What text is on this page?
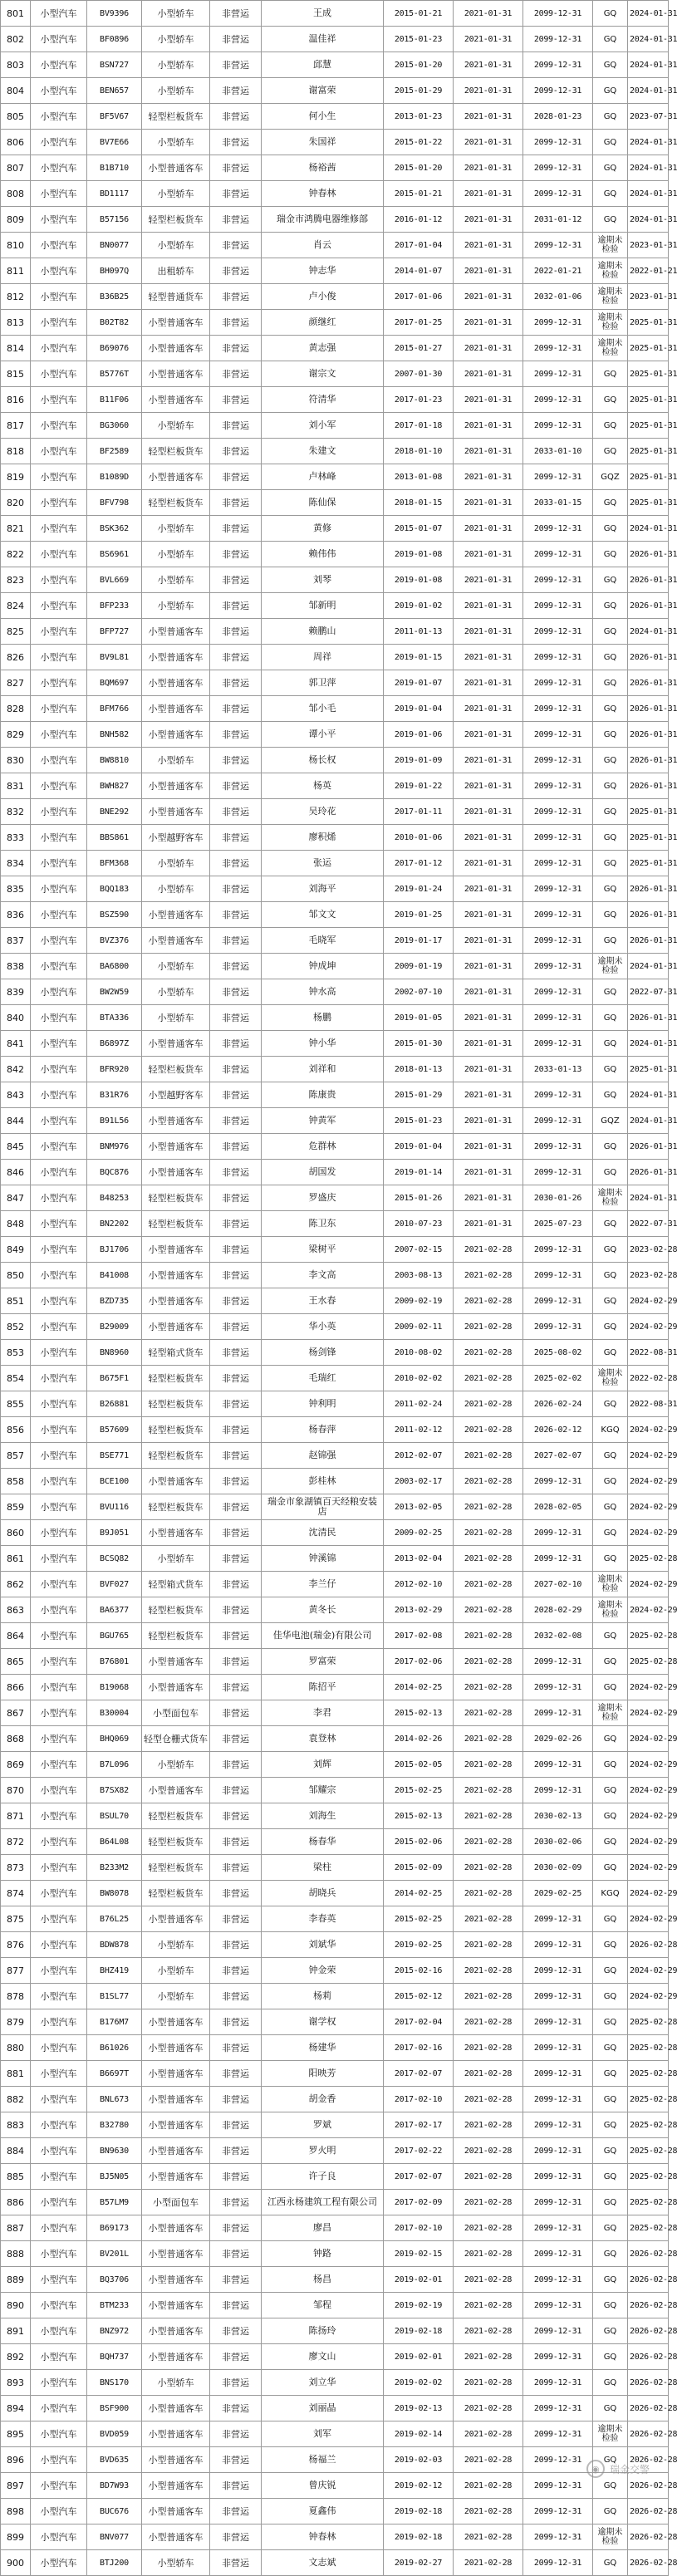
801	小型汽车	BV9396	小型轿车	非营运	王成	2015-01-21	2021-01-31	2099-12-31	GQ	2024-01-31
802	小型汽车	BF0896	小型轿车	非营运	温佳祥	2015-01-23	2021-01-31	2099-12-31	GQ	2024-01-31
803	小型汽车	BSN727	小型轿车	非营运	邱慧	2015-01-20	2021-01-31	2099-12-31	GQ	2024-01-31
804	小型汽车	BEN657	小型轿车	非营运	谢富荣	2015-01-29	2021-01-31	2099-12-31	GQ	2024-01-31
805	小型汽车	BF5V67	轻型栏板货车	非营运	何小生	2013-01-23	2021-01-31	2028-01-23	GQ	2023-07-31
806	小型汽车	BV7E66	小型轿车	非营运	朱国祥	2015-01-22	2021-01-31	2099-12-31	GQ	2024-01-31
807	小型汽车	B1B710	小型普通客车	非营运	杨裕茜	2015-01-20	2021-01-31	2099-12-31	GQ	2024-01-31
808	小型汽车	BD1117	小型轿车	非营运	钟春林	2015-01-21	2021-01-31	2099-12-31	GQ	2024-01-31
809	小型汽车	B57156	轻型栏板货车	非营运	瑞金市鸿腾电器维修部	2016-01-12	2021-01-31	2031-01-12	GQ	2024-01-31
810	小型汽车	BN0077	小型轿车	非营运	肖云	2017-01-04	2021-01-31	2099-12-31	逾期未检验	2023-01-31
811	小型汽车	BH097Q	出租轿车	非营运	钟志华	2014-01-07	2021-01-31	2022-01-21	逾期未检验	2022-01-21
812	小型汽车	B36B25	轻型普通货车	非营运	卢小俊	2017-01-06	2021-01-31	2032-01-06	逾期未检验	2023-01-31
813	小型汽车	B02T82	小型普通客车	非营运	颜继红	2017-01-25	2021-01-31	2099-12-31	逾期未检验	2025-01-31
814	小型汽车	B69076	小型普通客车	非营运	黄志强	2015-01-27	2021-01-31	2099-12-31	逾期未检验	2025-01-31
815	小型汽车	B5776T	小型普通客车	非营运	谢宗文	2007-01-30	2021-01-31	2099-12-31	GQ	2025-01-31
816	小型汽车	B11F06	小型普通客车	非营运	符清华	2017-01-23	2021-01-31	2099-12-31	GQ	2025-01-31
817	小型汽车	BG3060	小型轿车	非营运	刘小军	2017-01-18	2021-01-31	2099-12-31	GQ	2025-01-31
818	小型汽车	BF2589	轻型栏板货车	非营运	朱建文	2018-01-10	2021-01-31	2033-01-10	GQ	2025-01-31
819	小型汽车	B1089D	小型普通客车	非营运	卢林峰	2013-01-08	2021-01-31	2099-12-31	GQZ	2025-01-31
820	小型汽车	BFV798	轻型栏板货车	非营运	陈仙保	2018-01-15	2021-01-31	2033-01-15	GQ	2025-01-31
821	小型汽车	BSK362	小型轿车	非营运	黄修	2015-01-07	2021-01-31	2099-12-31	GQ	2024-01-31
822	小型汽车	BS6961	小型轿车	非营运	赖伟伟	2019-01-08	2021-01-31	2099-12-31	GQ	2026-01-31
823	小型汽车	BVL669	小型轿车	非营运	刘琴	2019-01-08	2021-01-31	2099-12-31	GQ	2026-01-31
824	小型汽车	BFP233	小型轿车	非营运	邹新明	2019-01-02	2021-01-31	2099-12-31	GQ	2026-01-31
825	小型汽车	BFP727	小型普通客车	非营运	赖鹏山	2011-01-13	2021-01-31	2099-12-31	GQ	2024-01-31
826	小型汽车	BV9L81	小型普通客车	非营运	周祥	2019-01-15	2021-01-31	2099-12-31	GQ	2026-01-31
827	小型汽车	BQM697	小型普通客车	非营运	郭卫萍	2019-01-07	2021-01-31	2099-12-31	GQ	2026-01-31
828	小型汽车	BFM766	小型普通客车	非营运	邹小毛	2019-01-04	2021-01-31	2099-12-31	GQ	2026-01-31
829	小型汽车	BNH582	小型普通客车	非营运	谭小平	2019-01-06	2021-01-31	2099-12-31	GQ	2026-01-31
830	小型汽车	BW8810	小型轿车	非营运	杨长权	2019-01-09	2021-01-31	2099-12-31	GQ	2026-01-31
831	小型汽车	BWH827	小型普通客车	非营运	杨英	2019-01-22	2021-01-31	2099-12-31	GQ	2026-01-31
832	小型汽车	BNE292	小型普通客车	非营运	吴玲花	2017-01-11	2021-01-31	2099-12-31	GQ	2025-01-31
833	小型汽车	BBS861	小型越野客车	非营运	廖积烯	2010-01-06	2021-01-31	2099-12-31	GQ	2025-01-31
834	小型汽车	BFM368	小型轿车	非营运	张运	2017-01-12	2021-01-31	2099-12-31	GQ	2025-01-31
835	小型汽车	BQQ183	小型轿车	非营运	刘海平	2019-01-24	2021-01-31	2099-12-31	GQ	2026-01-31
836	小型汽车	BSZ590	小型普通客车	非营运	邹文文	2019-01-25	2021-01-31	2099-12-31	GQ	2026-01-31
837	小型汽车	BVZ376	小型普通客车	非营运	毛晓军	2019-01-17	2021-01-31	2099-12-31	GQ	2026-01-31
838	小型汽车	BA6800	小型轿车	非营运	钟成坤	2009-01-19	2021-01-31	2099-12-31	逾期未检验	2024-01-31
839	小型汽车	BW2W59	小型轿车	非营运	钟水高	2002-07-10	2021-01-31	2099-12-31	GQ	2022-07-31
840	小型汽车	BTA336	小型轿车	非营运	杨鹏	2019-01-05	2021-01-31	2099-12-31	GQ	2026-01-31
841	小型汽车	B6897Z	小型普通客车	非营运	钟小华	2015-01-30	2021-01-31	2099-12-31	GQ	2024-01-31
842	小型汽车	BFR920	轻型栏板货车	非营运	刘祥和	2018-01-13	2021-01-31	2033-01-13	GQ	2025-01-31
843	小型汽车	B31R76	小型越野客车	非营运	陈康贵	2015-01-29	2021-01-31	2099-12-31	GQ	2024-01-31
844	小型汽车	B91L56	小型普通客车	非营运	钟黄军	2015-01-23	2021-01-31	2099-12-31	GQZ	2024-01-31
845	小型汽车	BNM976	小型普通客车	非营运	危群林	2019-01-04	2021-01-31	2099-12-31	GQ	2026-01-31
846	小型汽车	BQC876	小型普通客车	非营运	胡国发	2019-01-14	2021-01-31	2099-12-31	GQ	2026-01-31
847	小型汽车	B48253	轻型栏板货车	非营运	罗盛庆	2015-01-26	2021-01-31	2030-01-26	逾期未检验	2024-01-31
848	小型汽车	BN2202	轻型栏板货车	非营运	陈卫东	2010-07-23	2021-01-31	2025-07-23	GQ	2022-07-31
849	小型汽车	BJ1706	小型普通客车	非营运	梁树平	2007-02-15	2021-02-28	2099-12-31	GQ	2023-02-28
850	小型汽车	B41008	小型普通客车	非营运	李文高	2003-08-13	2021-02-28	2099-12-31	GQ	2023-02-28
851	小型汽车	BZD735	小型普通客车	非营运	王水春	2009-02-19	2021-02-28	2099-12-31	GQ	2024-02-29
852	小型汽车	B29009	小型普通客车	非营运	华小英	2009-02-11	2021-02-28	2099-12-31	GQ	2024-02-29
853	小型汽车	BN8960	轻型箱式货车	非营运	杨剑锋	2010-08-02	2021-02-28	2025-08-02	GQ	2022-08-31
854	小型汽车	B675F1	轻型栏板货车	非营运	毛瑞红	2010-02-02	2021-02-28	2025-02-02	逾期未检验	2022-02-28
855	小型汽车	B26881	轻型栏板货车	非营运	钟利明	2011-02-24	2021-02-28	2026-02-24	GQ	2022-08-31
856	小型汽车	B57609	轻型栏板货车	非营运	杨春萍	2011-02-12	2021-02-28	2026-02-12	KGQ	2024-02-29
857	小型汽车	BSE771	轻型栏板货车	非营运	赵锦强	2012-02-07	2021-02-28	2027-02-07	GQ	2024-02-29
858	小型汽车	BCE100	小型普通客车	非营运	彭桂林	2003-02-17	2021-02-28	2099-12-31	GQ	2024-02-29
859	小型汽车	BVU116	轻型栏板货车	非营运	瑞金市象湖镇百天经粮安装店	2013-02-05	2021-02-28	2028-02-05	GQ	2024-02-29
860	小型汽车	B9J051	小型普通客车	非营运	沈清民	2009-02-25	2021-02-28	2099-12-31	GQ	2024-02-29
861	小型汽车	BCSQ82	小型轿车	非营运	钟溪锦	2013-02-04	2021-02-28	2099-12-31	GQ	2025-02-28
862	小型汽车	BVF027	轻型箱式货车	非营运	李兰仔	2012-02-10	2021-02-28	2027-02-10	逾期未检验	2024-02-29
863	小型汽车	BA6377	轻型栏板货车	非营运	黄冬长	2013-02-29	2021-02-28	2028-02-29	逾期未检验	2024-02-29
864	小型汽车	BGU765	轻型栏板货车	非营运	佳华电池(瑞金)有限公司	2017-02-08	2021-02-28	2032-02-08	GQ	2025-02-28
865	小型汽车	B76801	小型普通客车	非营运	罗富荣	2017-02-06	2021-02-28	2099-12-31	GQ	2025-02-28
866	小型汽车	B19068	小型普通客车	非营运	陈招平	2014-02-25	2021-02-28	2099-12-31	GQ	2024-02-29
867	小型汽车	B30004	小型面包车	非营运	李君	2015-02-13	2021-02-28	2099-12-31	逾期未检验	2024-02-29
868	小型汽车	BHQ069	轻型仓栅式货车	非营运	袁登林	2014-02-26	2021-02-28	2029-02-26	GQ	2024-02-29
869	小型汽车	B7L096	小型轿车	非营运	刘辉	2015-02-05	2021-02-28	2099-12-31	GQ	2024-02-29
870	小型汽车	B7SX82	小型普通客车	非营运	邹耀宗	2015-02-25	2021-02-28	2099-12-31	GQ	2024-02-29
871	小型汽车	BSUL70	轻型栏板货车	非营运	刘海生	2015-02-13	2021-02-28	2030-02-13	GQ	2024-02-29
872	小型汽车	B64L08	轻型栏板货车	非营运	杨春华	2015-02-06	2021-02-28	2030-02-06	GQ	2024-02-29
873	小型汽车	B233M2	轻型栏板货车	非营运	梁柱	2015-02-09	2021-02-28	2030-02-09	GQ	2024-02-29
874	小型汽车	BW8078	轻型栏板货车	非营运	胡晓兵	2014-02-25	2021-02-28	2029-02-25	KGQ	2024-02-29
875	小型汽车	B76L25	小型普通客车	非营运	李春英	2015-02-25	2021-02-28	2099-12-31	GQ	2024-02-29
876	小型汽车	BDW878	小型轿车	非营运	刘斌华	2019-02-25	2021-02-28	2099-12-31	GQ	2026-02-28
877	小型汽车	BHZ419	小型轿车	非营运	钟金荣	2015-02-16	2021-02-28	2099-12-31	GQ	2024-02-29
878	小型汽车	B1SL77	小型轿车	非营运	杨莉	2015-02-12	2021-02-28	2099-12-31	GQ	2024-02-29
879	小型汽车	B176M7	小型普通客车	非营运	谢学权	2017-02-04	2021-02-28	2099-12-31	GQ	2025-02-28
880	小型汽车	B61026	小型普通客车	非营运	杨建华	2017-02-16	2021-02-28	2099-12-31	GQ	2025-02-28
881	小型汽车	B6697T	小型普通客车	非营运	阳映芳	2017-02-07	2021-02-28	2099-12-31	GQ	2025-02-28
882	小型汽车	BNL673	小型普通客车	非营运	胡金香	2017-02-10	2021-02-28	2099-12-31	GQ	2025-02-28
883	小型汽车	B32780	小型普通客车	非营运	罗斌	2017-02-17	2021-02-28	2099-12-31	GQ	2025-02-28
884	小型汽车	BN9630	小型普通客车	非营运	罗火明	2017-02-22	2021-02-28	2099-12-31	GQ	2025-02-28
885	小型汽车	BJ5N05	小型普通客车	非营运	许子良	2017-02-07	2021-02-28	2099-12-31	GQ	2025-02-28
886	小型汽车	B57LM9	小型面包车	非营运	江西永杨建筑工程有限公司	2017-02-09	2021-02-28	2099-12-31	GQ	2025-02-28
887	小型汽车	B69173	小型普通客车	非营运	廖昌	2017-02-10	2021-02-28	2099-12-31	GQ	2025-02-28
888	小型汽车	BV201L	小型普通客车	非营运	钟路	2019-02-15	2021-02-28	2099-12-31	GQ	2026-02-28
889	小型汽车	BQ3706	小型普通客车	非营运	杨昌	2019-02-01	2021-02-28	2099-12-31	GQ	2026-02-28
890	小型汽车	BTM233	小型普通客车	非营运	邹程	2019-02-19	2021-02-28	2099-12-31	GQ	2026-02-28
891	小型汽车	BNZ972	小型普通客车	非营运	陈扬玲	2019-02-18	2021-02-28	2099-12-31	GQ	2026-02-28
892	小型汽车	BQH737	小型普通客车	非营运	廖文山	2019-02-01	2021-02-28	2099-12-31	GQ	2026-02-28
893	小型汽车	BNS170	小型轿车	非营运	刘立华	2019-02-02	2021-02-28	2099-12-31	GQ	2026-02-28
894	小型汽车	BSF900	小型普通客车	非营运	刘丽晶	2019-02-13	2021-02-28	2099-12-31	GQ	2026-02-28
895	小型汽车	BVD059	小型普通客车	非营运	刘军	2019-02-14	2021-02-28	2099-12-31	逾期未检验	2026-02-28
896	小型汽车	BVD635	小型普通客车	非营运	杨福兰	2019-02-03	2021-02-28	2099-12-31	GQ	2026-02-28
897	小型汽车	BD7W93	小型普通客车	非营运	曾庆锐	2019-02-12	2021-02-28	2099-12-31	GQ	2026-02-28
898	小型汽车	BUC676	小型普通客车	非营运	夏鑫伟	2019-02-18	2021-02-28	2099-12-31	GQ	2026-02-28
899	小型汽车	BNV077	小型普通客车	非营运	钟春林	2019-02-18	2021-02-28	2099-12-31	逾期未检验	2026-02-28
900	小型汽车	BTJ200	小型轿车	非营运	文志斌	2019-02-27	2021-02-28	2099-12-31	GQ	2026-02-28
◉	瑞金交警
